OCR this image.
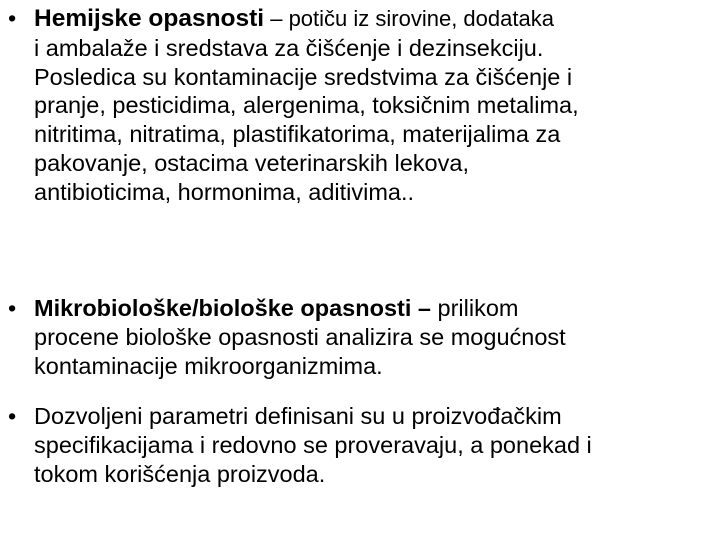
• Hemijske opasnosti – potiču iz sirovine, dodataka
i ambalaže i sredstava za čišćenje i dezinsekciju.
Posledica su kontaminacije sredstvima za čišćenje i
pranje, pesticidima, alergenima, toksičnim metalima,
nitritima, nitratima, plastifikatorima, materijalima za
pakovanje, ostacima veterinarskih lekova,
antibioticima, hormonima, aditivima..
• Mikrobiološke/biološke opasnosti – prilikom
procene biološke opasnosti analizira se mogućnost
kontaminacije mikroorganizmima.
• Dozvoljeni parametri definisani su u proizvođačkim
specifikacijama i redovno se proveravaju, a ponekad i
tokom korišćenja proizvoda.
